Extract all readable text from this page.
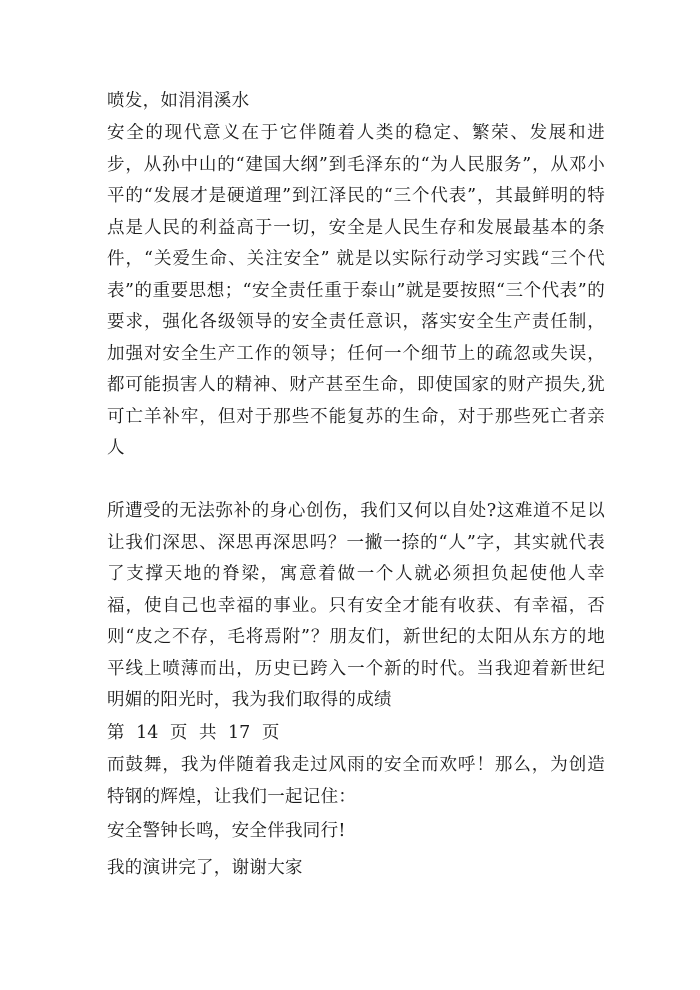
喷发，如涓涓溪水

安全的现代意义在于它伴随着人类的稳定、繁荣、发展和进步，从孙中山的“建国大纲”到毛泽东的“为人民服务”，从邓小平的“发展才是硬道理”到江泽民的“三个代表”，其最鲜明的特点是人民的利益高于一切，安全是人民生存和发展最基本的条件，“关爱生命、关注安全” 就是以实际行动学习实践“三个代表”的重要思想；“安全责任重于泰山”就是要按照“三个代表”的要求，强化各级领导的安全责任意识，落实安全生产责任制，加强对安全生产工作的领导；任何一个细节上的疏忽或失误，都可能损害人的精神、财产甚至生命，即使国家的财产损失,犹可亡羊补牢，但对于那些不能复苏的生命，对于那些死亡者亲人

所遭受的无法弥补的身心创伤，我们又何以自处?这难道不足以让我们深思、深思再深思吗？一撇一捺的“人”字，其实就代表了支撑天地的脊梁，寓意着做一个人就必须担负起使他人幸福，使自己也幸福的事业。只有安全才能有收获、有幸福，否则“皮之不存，毛将焉附”？朋友们，新世纪的太阳从东方的地平线上喷薄而出，历史已跨入一个新的时代。当我迎着新世纪明媚的阳光时，我为我们取得的成绩

第 14 页 共 17 页

而鼓舞，我为伴随着我走过风雨的安全而欢呼！那么，为创造特钢的辉煌，让我们一起记住：

安全警钟长鸣，安全伴我同行!

我的演讲完了，谢谢大家
